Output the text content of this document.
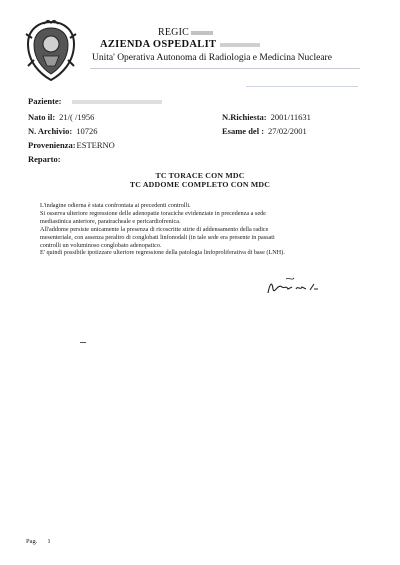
REGIC
AZIENDA OSPEDALIT
Unita' Operativa Autonoma di Radiologia e Medicina Nucleare
Paziente:
Nato il: 21/( /1956
N. Archivio: 10726
Provenienza:ESTERNO
Reparto:
N.Richiesta: 2001/11631
Esame del : 27/02/2001
TC TORACE CON MDC
TC ADDOME COMPLETO CON MDC

L'indagine odierna è stata confrontata ai precedenti controlli.

Si osserva ulteriore regressione delle adenopatie toraciche evidenziate in precedenza a sede

mediastinica anteriore, paratracheale e pericardiofrenica.

All'addome persiste unicamente la presenza di ricoscritte stirie di addensamento della radice

mesenteriale, con assenza peraltro di conglobati linfonodali (in tale sede era presente in passati

controlli un voluminoso conglobato adenopatico.

E' quindi possibile ipotizzare ulteriore regressione della patologia linfoproliferativa di base (LNH).

Pag. 1
